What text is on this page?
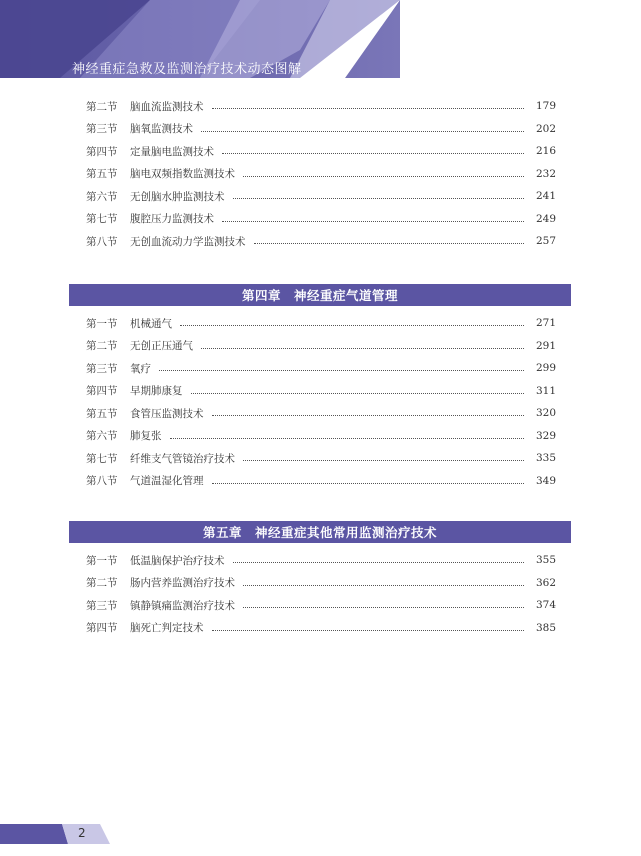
神经重症急救及监测治疗技术动态图解
第二节	脑血流监测技术	179
第三节	脑氧监测技术	202
第四节	定量脑电监测技术	216
第五节	脑电双频指数监测技术	232
第六节	无创脑水肿监测技术	241
第七节	腹腔压力监测技术	249
第八节	无创血流动力学监测技术	257
第四章　神经重症气道管理
第一节	机械通气	271
第二节	无创正压通气	291
第三节	氧疗	299
第四节	早期肺康复	311
第五节	食管压监测技术	320
第六节	肺复张	329
第七节	纤维支气管镜治疗技术	335
第八节	气道温湿化管理	349
第五章　神经重症其他常用监测治疗技术
第一节	低温脑保护治疗技术	355
第二节	肠内营养监测治疗技术	362
第三节	镇静镇痛监测治疗技术	374
第四节	脑死亡判定技术	385
2
